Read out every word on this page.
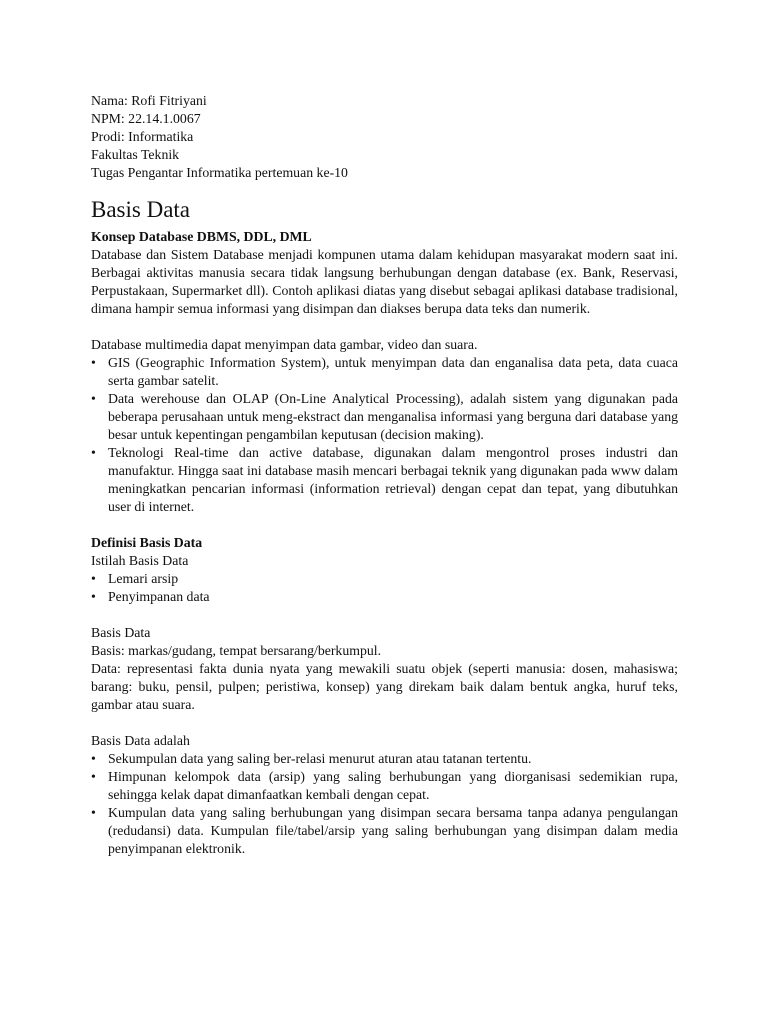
Nama: Rofi Fitriyani

NPM: 22.14.1.0067

Prodi: Informatika

Fakultas Teknik

Tugas Pengantar Informatika pertemuan ke-10

Basis Data

Konsep Database DBMS, DDL, DML

Database dan Sistem Database menjadi kompunen utama dalam kehidupan masyarakat modern saat ini. Berbagai aktivitas manusia secara tidak langsung berhubungan dengan database (ex. Bank, Reservasi, Perpustakaan, Supermarket dll). Contoh aplikasi diatas yang disebut sebagai aplikasi database tradisional, dimana hampir semua informasi yang disimpan dan diakses berupa data teks dan numerik.

Database multimedia dapat menyimpan data gambar, video dan suara.

• GIS (Geographic Information System), untuk menyimpan data dan enganalisa data peta, data cuaca serta gambar satelit.
• Data werehouse dan OLAP (On-Line Analytical Processing), adalah sistem yang digunakan pada beberapa perusahaan untuk meng-ekstract dan menganalisa informasi yang berguna dari database yang besar untuk kepentingan pengambilan keputusan (decision making).
• Teknologi Real-time dan active database, digunakan dalam mengontrol proses industri dan manufaktur. Hingga saat ini database masih mencari berbagai teknik yang digunakan pada www dalam meningkatkan pencarian informasi (information retrieval) dengan cepat dan tepat, yang dibutuhkan user di internet.

Definisi Basis Data

Istilah Basis Data

• Lemari arsip
• Penyimpanan data

Basis Data

Basis: markas/gudang, tempat bersarang/berkumpul.

Data: representasi fakta dunia nyata yang mewakili suatu objek (seperti manusia: dosen, mahasiswa; barang: buku, pensil, pulpen; peristiwa, konsep) yang direkam baik dalam bentuk angka, huruf teks, gambar atau suara.

Basis Data adalah

• Sekumpulan data yang saling ber-relasi menurut aturan atau tatanan tertentu.
• Himpunan kelompok data (arsip) yang saling berhubungan yang diorganisasi sedemikian rupa, sehingga kelak dapat dimanfaatkan kembali dengan cepat.
• Kumpulan data yang saling berhubungan yang disimpan secara bersama tanpa adanya pengulangan (redudansi) data. Kumpulan file/tabel/arsip yang saling berhubungan yang disimpan dalam media penyimpanan elektronik.
